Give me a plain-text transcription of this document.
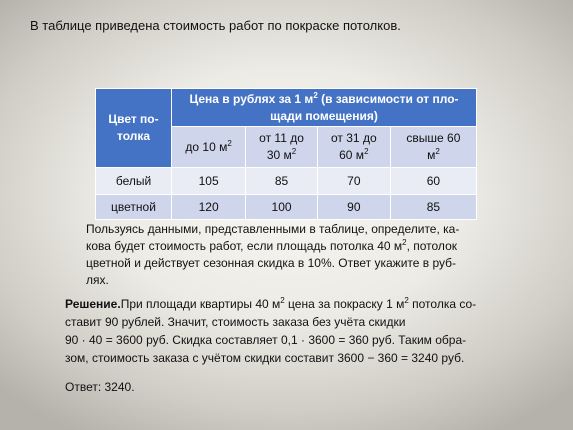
В таблице приведена стоимость работ по покраске потолков.
Цвет по-
толка	Цена в рублях за 1 $м^2$ (в зависимости от пло-
щади помещения)			
	до 10 $м^2$	от 11 до
30 $м^2$	от 31 до
60 $м^2$	свыше 60
$м^2$
белый	105	85	70	60
цветной	120	100	90	85
Пользуясь данными, представленными в таблице, определите, ка-
кова будет стоимость работ, если площадь потолка 40 $м^2$, потолок
цветной и действует сезонная скидка в 10%. Ответ укажите в руб-
лях.
Решение.При площади квартиры 40 $м^2$ цена за покраску 1 $м^2$ потолка со-
ставит 90 рублей. Значит, стоимость заказа без учёта скидки
90 · 40 = 3600 руб. Скидка составляет 0,1 · 3600 = 360 руб. Таким обра-
зом, стоимость заказа с учётом скидки составит 3600 − 360 = 3240 руб.
Ответ: 3240.
